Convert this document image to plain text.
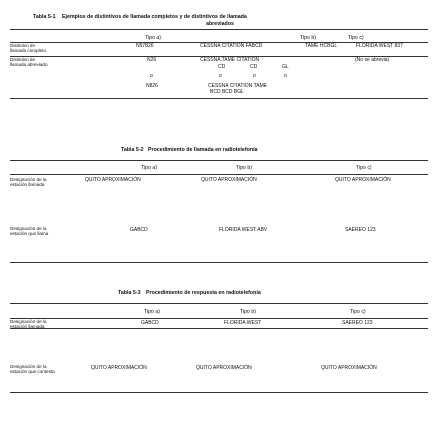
Tabla 5-1 Ejemplos de distintivos de llamada completos y de distintivos de llamada
abreviados
Tipo a)	Tipo b)	Tipo c)
Distintivo de
llamada completo
N57826	CESSNA CITATION FABCD	TAME HCBGL	FLORIDA WEST 837
Distintivo de
llamada abreviado
N26	CESSNA TAME CITATION	(No se abrevia)
CD	CD	GL
o	o	o
o
N826	CESSNA CITATION TAME
BCD BCD BGL
Tabla 5-2 Procedimiento de llamada en radiotelefonía
Tipo a)	Tipo b)	Tipo c)
Designación de la
estación llamada
QUITO APROXIMACIÓN	QUITO APROXIMACIÓN	QUITO APROXIMACIÓN
Designación de la
estación que llama
GABCD	FLORIDA WEST ABV	SAEREO 123
Tabla 5-3 Procedimiento de respuesta en radiotelefonía
Tipo a)	Tipo b)	Tipo c)
Designación de la
estación llamada
GABCD	FLORIDA WEST	SAEREO 123
Designación de la
estación que contesta
QUITO APROXIMACIÓN	QUITO APROXIMACIÓN	QUITO APROXIMACIÓN
